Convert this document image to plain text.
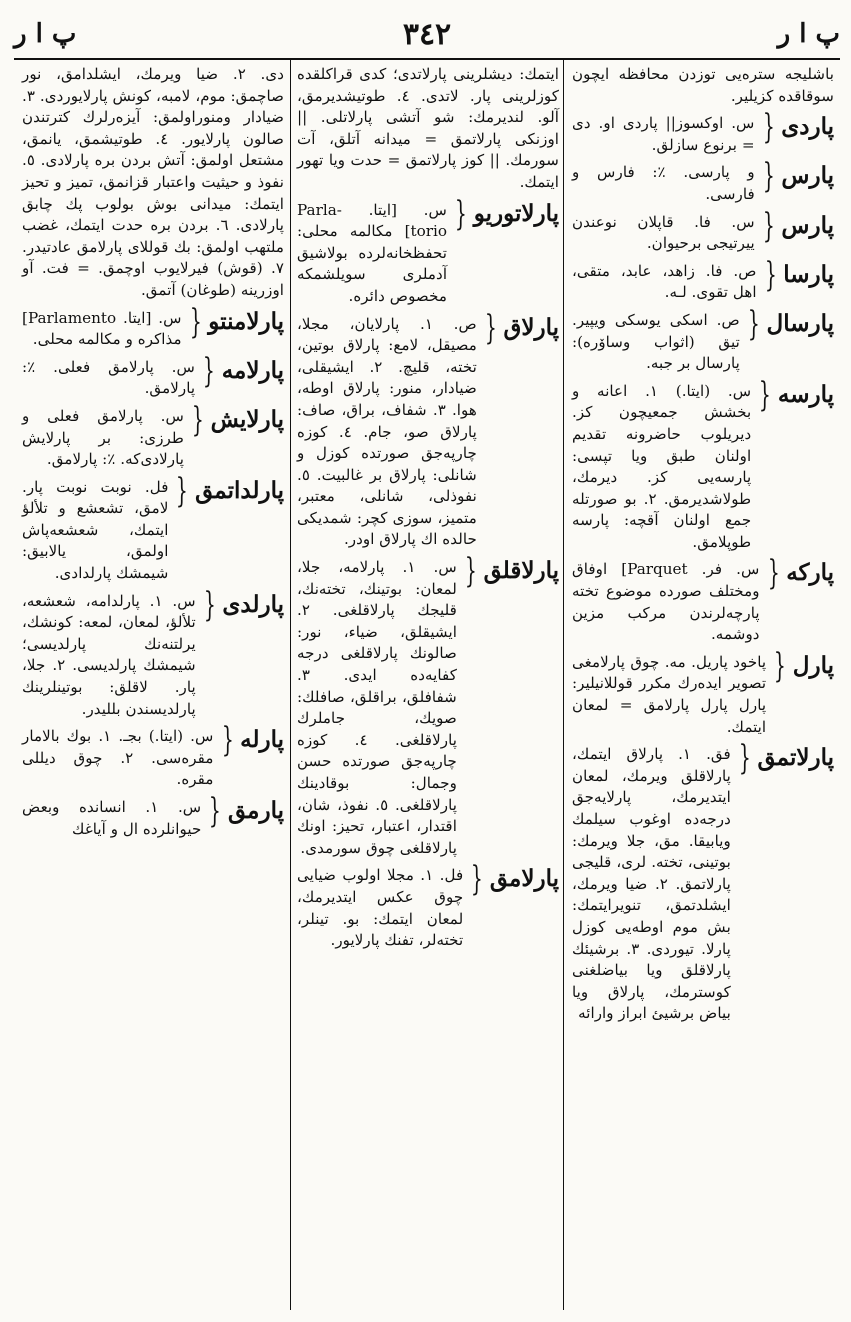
پ ا ر	٣٤٢	پ ا ر
باشليجه ستره‌يى توزدن محافظه ايچون سوقاقده كزيلير.
پاردى
{
س. اوكسوز|| پاردى او. دى = برنوع سازلق.
پارس
{
و پارسى. ٪: فارس و فارسى.
پارس
{
س. فا. قاپلان نوعندن ييرتيجى برحيوان.
پارسا
{
ص. فا. زاهد، عابد، متقى، اهل تقوى. لـه.
پارسال
{
ص. اسكى يوسكى ويپير. تيق (اثواب وساۆره): پارسال بر جبه.
پارسه
{
س. (ايتا.) ١. اعانه و بخشش جمعيچون كز. ديريلوب حاضرونه تقديم اولنان طبق ويا تپسى: پارسه‌يى كز. ديرمك، طولاشديرمق. ٢. بو صورتله جمع اولنان آقچه: پارسه طوپلامق.
پاركه
{
س. فر. Parquet] اوفاق ومختلف صورده موضوع تخته پارچه‌لرندن مركب مزين دوشمه.
پارل
{
پاخود پاريل. مه. چوق پارلامغى تصوير ايدەرك مكرر قوللانيلير: پارل پارل پارلامق = لمعان ايتمك.
پارلاتمق
{
فق. ١. پارلاق ايتمك، پارلاقلق ويرمك، لمعان ايتديرمك، پارلايه‌جق درجه‌ده اوغوب سيلمك ويابيقا. مق، جلا ويرمك: بوتينى، تخته. لرى، قليجى پارلاتمق. ٢. ضيا ويرمك، ايشلدتمق، تنويرايتمك: بش موم اوطه‌يى كوزل پارلا. تيوردى. ٣. برشيئك پارلاقلق ويا بياضلغنى كوسترمك، پارلاق ويا بياض برشيئ ابراز وارائه
ايتمك: ديشلرينى پارلاتدى؛ كدى قراكلقده كوزلرينى پار. لاتدى. ٤. طوتيشديرمق، آلو. لنديرمك: شو آتشى پارلاتلى. || اوزنكى پارلاتمق = ميدانه آتلق، آت سورمك. || كوز پارلاتمق = حدت ويا تهور ايتمك.
پارلاتوريو
{
س. [ايتا. -Parla torio] مكالمه محلى: تحفظخانه‌لرده بولاشيق آدملرى سويلشمكه مخصوص دائره.
پارلاق
{
ص. ١. پارلايان، مجلا، مصيقل، لامع: پارلاق بوتين، تخته، قليچ. ٢. ايشيقلى، ضيادار، منور: پارلاق اوطه، هوا. ٣. شفاف، براق، صاف: پارلاق صو، جام. ٤. كوزه چارپه‌جق صورتده كوزل و شانلى: پارلاق بر غالبيت. ٥. نفوذلى، شانلى، معتبر، متميز، سوزى كچر: شمديكى حالده اك پارلاق اودر.
پارلاقلق
{
س. ١. پارلامه، جلا، لمعان: بوتينك، تخته‌نك، قليجك پارلاقلغى. ٢. ايشيقلق، ضياء، نور: صالونك پارلاقلغى درجه كفايه‌ده ايدى. ٣. شفافلق، براقلق، صافلك: صويك، جاملرك پارلاقلغى. ٤. كوزه چارپه‌جق صورتده حسن وجمال: بوقادينك پارلاقلغى. ٥. نفوذ، شان، اقتدار، اعتبار، تحيز: اونك پارلاقلغى چوق سورمدى.
پارلامق
{
فل. ١. مجلا اولوب ضيايى چوق عكس ايتديرمك، لمعان ايتمك: بو. تينلر، تخته‌لر، تفنك پارلايور.
دى. ٢. ضيا ويرمك، ايشلدامق، نور صاچمق: موم، لامبه، كونش پارلايوردى. ٣. ضيادار ومنوراولمق: آيزەرلرك كترتندن صالون پارلايور. ٤. طوتيشمق، يانمق، مشتعل اولمق: آتش بردن بره پارلادى. ٥. نفوذ و حيثيت واعتبار قزانمق، تميز و تحيز ايتمك: ميدانى بوش بولوب پك چابق پارلادى. ٦. بردن بره حدت ايتمك، غضب ملتهب اولمق: بك قوللاى پارلامق عادتيدر. ٧. (قوش) فيرلايوب اوچمق. = فت. آو اوزرينه (طوغان) آتمق.
پارلامنتو
{
س. [ايتا. Parlamento] مذاكره و مكالمه محلى.
پارلامه
{
س. پارلامق فعلى. ٪: پارلامق.
پارلايش
{
س. پارلامق فعلى و طرزى: بر پارلايش پارلادى‌كه. ٪: پارلامق.
پارلداتمق
{
فل. نوبت نوبت پار. لامق، تشعشع و تلألؤ ايتمك، شعشعه‌پاش اولمق، يالابيق: شيمشك پارلدادى.
پارلدى
{
س. ١. پارلدامه، شعشعه، تلألؤ، لمعان، لمعه: كونشك، يرلتنه‌نك پارلديسى؛ شيمشك پارلديسى. ٢. جلا، پار. لاقلق: بوتينلرينك پارلديسندن بلليدر.
پارله
{
س. (ايتا.) بجـ. ١. بوك بالامار مقره‌سى. ٢. چوق ديللى مقره.
پارمق
{
س. ١. انسانده وبعض حيوانلرده ال و آياغك
